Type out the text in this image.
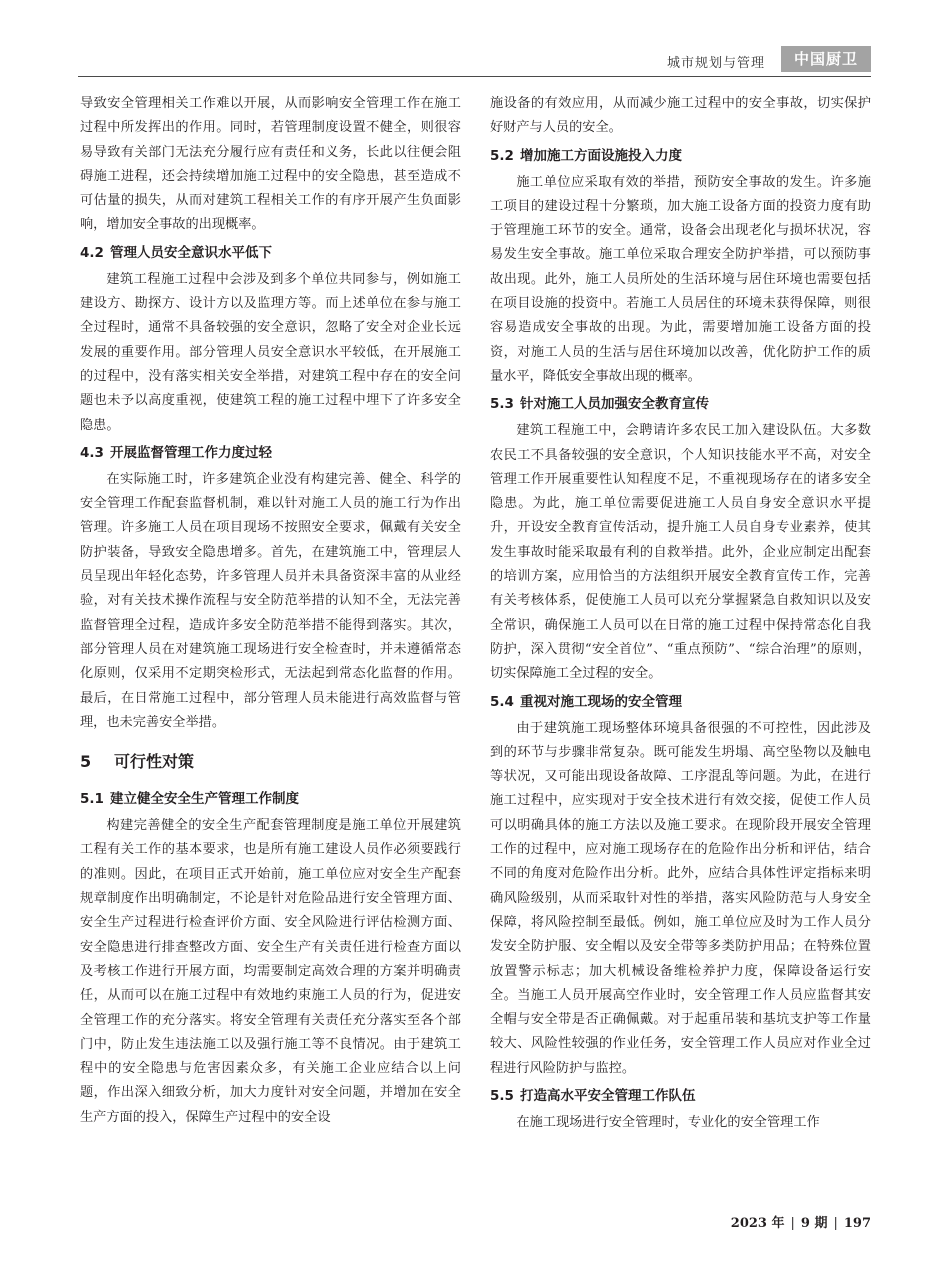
城市规划与管理	中国厨卫

导致安全管理相关工作难以开展，从而影响安全管理工作在施工过程中所发挥出的作用。同时，若管理制度设置不健全，则很容易导致有关部门无法充分履行应有责任和义务，长此以往便会阻碍施工进程，还会持续增加施工过程中的安全隐患，甚至造成不可估量的损失，从而对建筑工程相关工作的有序开展产生负面影响，增加安全事故的出现概率。

4.2 管理人员安全意识水平低下

建筑工程施工过程中会涉及到多个单位共同参与，例如施工建设方、勘探方、设计方以及监理方等。而上述单位在参与施工全过程时，通常不具备较强的安全意识，忽略了安全对企业长远发展的重要作用。部分管理人员安全意识水平较低，在开展施工的过程中，没有落实相关安全举措，对建筑工程中存在的安全问题也未予以高度重视，使建筑工程的施工过程中埋下了许多安全隐患。

4.3 开展监督管理工作力度过轻

在实际施工时，许多建筑企业没有构建完善、健全、科学的安全管理工作配套监督机制，难以针对施工人员的施工行为作出管理。许多施工人员在项目现场不按照安全要求，佩戴有关安全防护装备，导致安全隐患增多。首先，在建筑施工中，管理层人员呈现出年轻化态势，许多管理人员并未具备资深丰富的从业经验，对有关技术操作流程与安全防范举措的认知不全，无法完善监督管理全过程，造成许多安全防范举措不能得到落实。其次，部分管理人员在对建筑施工现场进行安全检查时，并未遵循常态化原则，仅采用不定期突检形式，无法起到常态化监督的作用。最后，在日常施工过程中，部分管理人员未能进行高效监督与管理，也未完善安全举措。

5 可行性对策
5.1 建立健全安全生产管理工作制度

构建完善健全的安全生产配套管理制度是施工单位开展建筑工程有关工作的基本要求，也是所有施工建设人员作必须要践行的准则。因此，在项目正式开始前，施工单位应对安全生产配套规章制度作出明确制定，不论是针对危险品进行安全管理方面、安全生产过程进行检查评价方面、安全风险进行评估检测方面、安全隐患进行排查整改方面、安全生产有关责任进行检查方面以及考核工作进行开展方面，均需要制定高效合理的方案并明确责任，从而可以在施工过程中有效地约束施工人员的行为，促进安全管理工作的充分落实。将安全管理有关责任充分落实至各个部门中，防止发生违法施工以及强行施工等不良情况。由于建筑工程中的安全隐患与危害因素众多，有关施工企业应结合以上问题，作出深入细致分析，加大力度针对安全问题，并增加在安全生产方面的投入，保障生产过程中的安全设

施设备的有效应用，从而减少施工过程中的安全事故，切实保护好财产与人员的安全。

5.2 增加施工方面设施投入力度

施工单位应采取有效的举措，预防安全事故的发生。许多施工项目的建设过程十分繁琐，加大施工设备方面的投资力度有助于管理施工环节的安全。通常，设备会出现老化与损坏状况，容易发生安全事故。施工单位采取合理安全防护举措，可以预防事故出现。此外，施工人员所处的生活环境与居住环境也需要包括在项目设施的投资中。若施工人员居住的环境未获得保障，则很容易造成安全事故的出现。为此，需要增加施工设备方面的投资，对施工人员的生活与居住环境加以改善，优化防护工作的质量水平，降低安全事故出现的概率。

5.3 针对施工人员加强安全教育宣传

建筑工程施工中，会聘请许多农民工加入建设队伍。大多数农民工不具备较强的安全意识，个人知识技能水平不高，对安全管理工作开展重要性认知程度不足，不重视现场存在的诸多安全隐患。为此，施工单位需要促进施工人员自身安全意识水平提升，开设安全教育宣传活动，提升施工人员自身专业素养，使其发生事故时能采取最有利的自救举措。此外，企业应制定出配套的培训方案，应用恰当的方法组织开展安全教育宣传工作，完善有关考核体系，促使施工人员可以充分掌握紧急自救知识以及安全常识，确保施工人员可以在日常的施工过程中保持常态化自我防护，深入贯彻“安全首位”、“重点预防”、“综合治理”的原则，切实保障施工全过程的安全。

5.4 重视对施工现场的安全管理

由于建筑施工现场整体环境具备很强的不可控性，因此涉及到的环节与步骤非常复杂。既可能发生坍塌、高空坠物以及触电等状况，又可能出现设备故障、工序混乱等问题。为此，在进行施工过程中，应实现对于安全技术进行有效交接，促使工作人员可以明确具体的施工方法以及施工要求。在现阶段开展安全管理工作的过程中，应对施工现场存在的危险作出分析和评估，结合不同的角度对危险作出分析。此外，应结合具体性评定指标来明确风险级别，从而采取针对性的举措，落实风险防范与人身安全保障，将风险控制至最低。例如，施工单位应及时为工作人员分发安全防护服、安全帽以及安全带等多类防护用品；在特殊位置放置警示标志；加大机械设备维检养护力度，保障设备运行安全。当施工人员开展高空作业时，安全管理工作人员应监督其安全帽与安全带是否正确佩戴。对于起重吊装和基坑支护等工作量较大、风险性较强的作业任务，安全管理工作人员应对作业全过程进行风险防护与监控。

5.5 打造高水平安全管理工作队伍

在施工现场进行安全管理时，专业化的安全管理工作

2023 年 | 9 期 | 197
